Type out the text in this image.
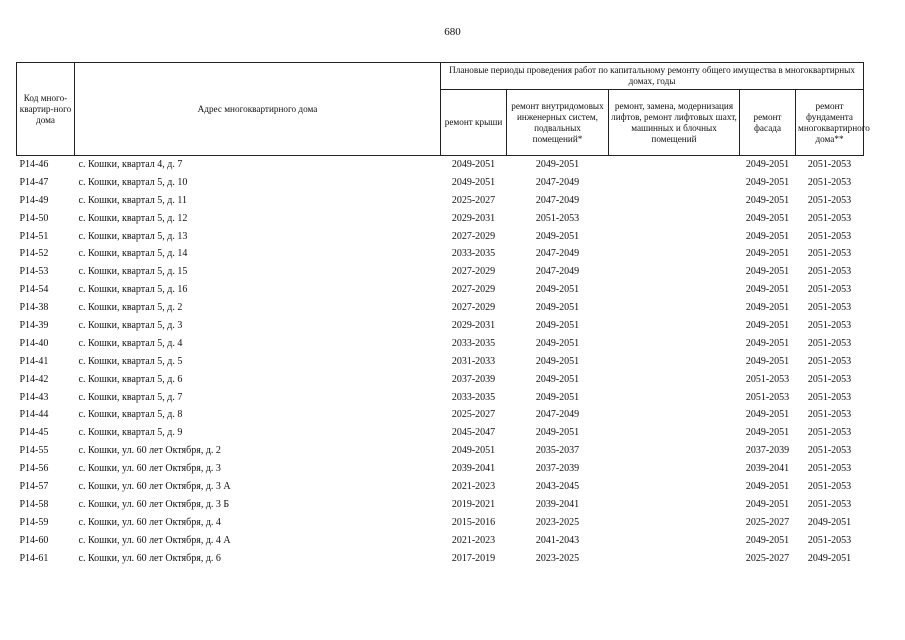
680
Код много-квартир-ного дома	Адрес многоквартирного дома	Плановые периоды проведения работ по капитальному ремонту общего имущества в многоквартирных домах, годы				
		ремонт крыши	ремонт внутридомовых инженерных систем, подвальных помещений*	ремонт, замена, модернизация лифтов, ремонт лифтовых шахт, машинных и блочных помещений	ремонт фасада	ремонт фундамента многоквартирного дома**
Р14-46	с. Кошки, квартал 4, д. 7	2049-2051	2049-2051		2049-2051	2051-2053
Р14-47	с. Кошки, квартал 5, д. 10	2049-2051	2047-2049		2049-2051	2051-2053
Р14-49	с. Кошки, квартал 5, д. 11	2025-2027	2047-2049		2049-2051	2051-2053
Р14-50	с. Кошки, квартал 5, д. 12	2029-2031	2051-2053		2049-2051	2051-2053
Р14-51	с. Кошки, квартал 5, д. 13	2027-2029	2049-2051		2049-2051	2051-2053
Р14-52	с. Кошки, квартал 5, д. 14	2033-2035	2047-2049		2049-2051	2051-2053
Р14-53	с. Кошки, квартал 5, д. 15	2027-2029	2047-2049		2049-2051	2051-2053
Р14-54	с. Кошки, квартал 5, д. 16	2027-2029	2049-2051		2049-2051	2051-2053
Р14-38	с. Кошки, квартал 5, д. 2	2027-2029	2049-2051		2049-2051	2051-2053
Р14-39	с. Кошки, квартал 5, д. 3	2029-2031	2049-2051		2049-2051	2051-2053
Р14-40	с. Кошки, квартал 5, д. 4	2033-2035	2049-2051		2049-2051	2051-2053
Р14-41	с. Кошки, квартал 5, д. 5	2031-2033	2049-2051		2049-2051	2051-2053
Р14-42	с. Кошки, квартал 5, д. 6	2037-2039	2049-2051		2051-2053	2051-2053
Р14-43	с. Кошки, квартал 5, д. 7	2033-2035	2049-2051		2051-2053	2051-2053
Р14-44	с. Кошки, квартал 5, д. 8	2025-2027	2047-2049		2049-2051	2051-2053
Р14-45	с. Кошки, квартал 5, д. 9	2045-2047	2049-2051		2049-2051	2051-2053
Р14-55	с. Кошки, ул. 60 лет Октября, д. 2	2049-2051	2035-2037		2037-2039	2051-2053
Р14-56	с. Кошки, ул. 60 лет Октября, д. 3	2039-2041	2037-2039		2039-2041	2051-2053
Р14-57	с. Кошки, ул. 60 лет Октября, д. 3 А	2021-2023	2043-2045		2049-2051	2051-2053
Р14-58	с. Кошки, ул. 60 лет Октября, д. 3 Б	2019-2021	2039-2041		2049-2051	2051-2053
Р14-59	с. Кошки, ул. 60 лет Октября, д. 4	2015-2016	2023-2025		2025-2027	2049-2051
Р14-60	с. Кошки, ул. 60 лет Октября, д. 4 А	2021-2023	2041-2043		2049-2051	2051-2053
Р14-61	с. Кошки, ул. 60 лет Октября, д. 6	2017-2019	2023-2025		2025-2027	2049-2051
